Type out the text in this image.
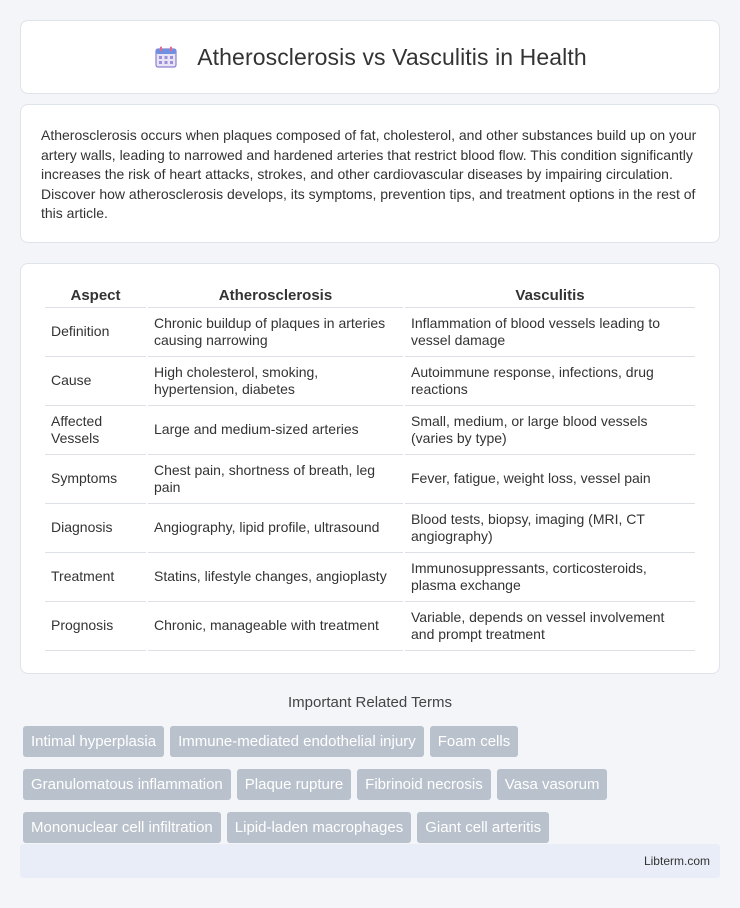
Atherosclerosis vs Vasculitis in Health

Atherosclerosis occurs when plaques composed of fat, cholesterol, and other substances build up on your artery walls, leading to narrowed and hardened arteries that restrict blood flow. This condition significantly increases the risk of heart attacks, strokes, and other cardiovascular diseases by impairing circulation. Discover how atherosclerosis develops, its symptoms, prevention tips, and treatment options in the rest of this article.

Aspect	Atherosclerosis	Vasculitis
Definition	Chronic buildup of plaques in arteries causing narrowing	Inflammation of blood vessels leading to vessel damage
Cause	High cholesterol, smoking, hypertension, diabetes	Autoimmune response, infections, drug reactions
Affected Vessels	Large and medium-sized arteries	Small, medium, or large blood vessels (varies by type)
Symptoms	Chest pain, shortness of breath, leg pain	Fever, fatigue, weight loss, vessel pain
Diagnosis	Angiography, lipid profile, ultrasound	Blood tests, biopsy, imaging (MRI, CT angiography)
Treatment	Statins, lifestyle changes, angioplasty	Immunosuppressants, corticosteroids, plasma exchange
Prognosis	Chronic, manageable with treatment	Variable, depends on vessel involvement and prompt treatment
Important Related Terms
Intimal hyperplasia	Immune-mediated endothelial injury	Foam cells
Granulomatous inflammation	Plaque rupture	Fibrinoid necrosis	Vasa vasorum
Mononuclear cell infiltration	Lipid-laden macrophages	Giant cell arteritis
Libterm.com
